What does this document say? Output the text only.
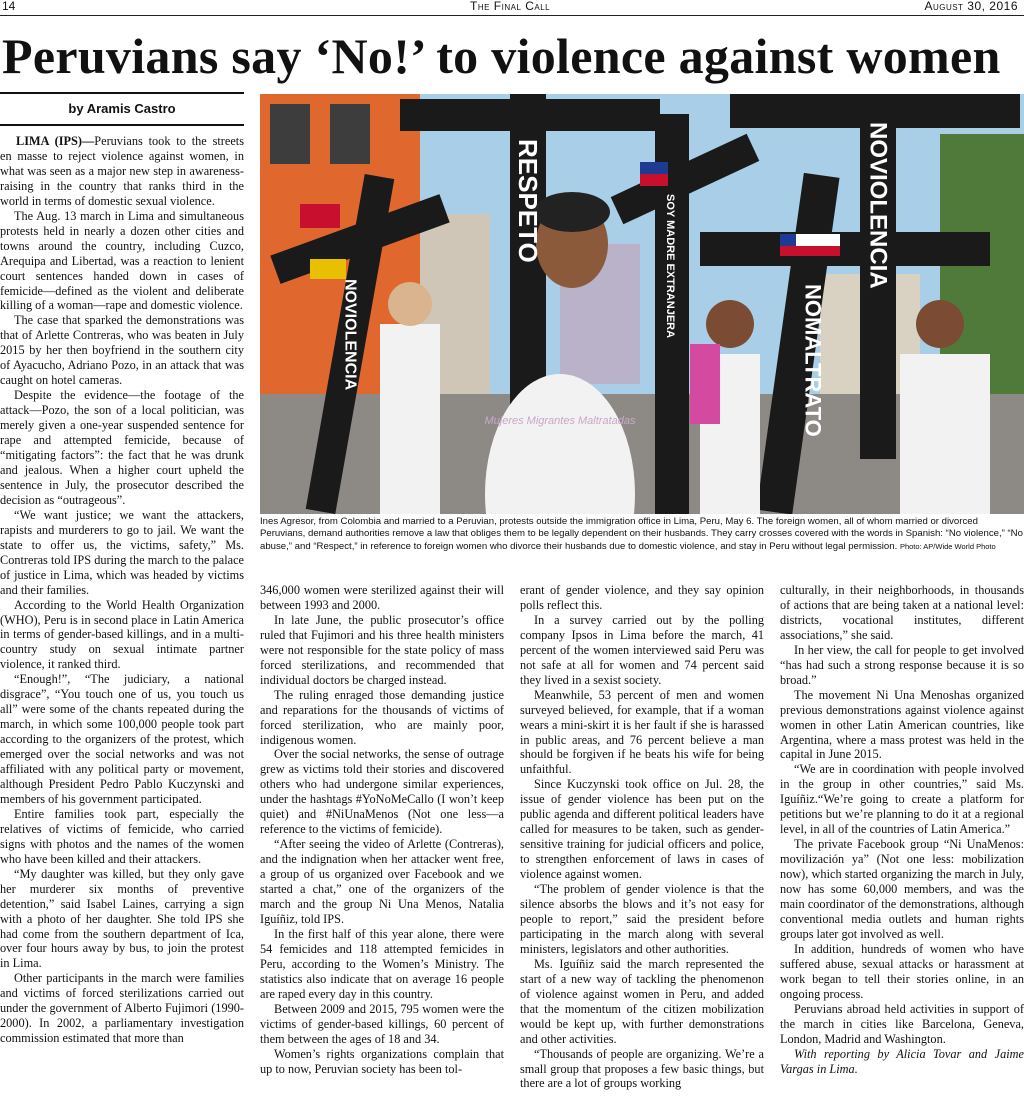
14	The Final Call	August 30, 2016
Peruvians say ‘No!’ to violence against women
by Aramis Castro

LIMA (IPS)—Peruvians took to the streets en masse to reject violence against women, in what was seen as a major new step in awareness-raising in the country that ranks third in the world in terms of domestic sexual violence.

The Aug. 13 march in Lima and simultaneous protests held in nearly a dozen other cities and towns around the country, including Cuzco, Arequipa and Libertad, was a reaction to lenient court sentences handed down in cases of femicide—defined as the violent and deliberate killing of a woman—rape and domestic violence.

The case that sparked the demonstrations was that of Arlette Contreras, who was beaten in July 2015 by her then boyfriend in the southern city of Ayacucho, Adriano Pozo, in an attack that was caught on hotel cameras.

Despite the evidence—the footage of the attack—Pozo, the son of a local politician, was merely given a one-year suspended sentence for rape and attempted femicide, because of “mitigating factors”: the fact that he was drunk and jealous. When a higher court upheld the sentence in July, the prosecutor described the decision as “outrageous”.

“We want justice; we want the attackers, rapists and murderers to go to jail. We want the state to offer us, the victims, safety,” Ms. Contreras told IPS during the march to the palace of justice in Lima, which was headed by victims and their families.

According to the World Health Organization (WHO), Peru is in second place in Latin America in terms of gender-based killings, and in a multi-country study on sexual intimate partner violence, it ranked third.

“Enough!”, “The judiciary, a national disgrace”, “You touch one of us, you touch us all” were some of the chants repeated during the march, in which some 100,000 people took part according to the organizers of the protest, which emerged over the social networks and was not affiliated with any political party or movement, although President Pedro Pablo Kuczynski and members of his government participated.

Entire families took part, especially the relatives of victims of femicide, who carried signs with photos and the names of the women who have been killed and their attackers.

“My daughter was killed, but they only gave her murderer six months of preventive detention,” said Isabel Laines, carrying a sign with a photo of her daughter. She told IPS she had come from the southern department of Ica, over four hours away by bus, to join the protest in Lima.

Other participants in the march were families and victims of forced sterilizations carried out under the government of Alberto Fujimori (1990-2000). In 2002, a parliamentary investigation commission estimated that more than

RESPETO	NOVIOLENCIA
NOMALTRATO
NOVIOLENCIA	SOY MADRE EXTRANJERA
Mujeres Migrantes Maltratadas
Ines Agresor, from Colombia and married to a Peruvian, protests outside the immigration office in Lima, Peru, May 6. The foreign women, all of whom married or divorced Peruvians, demand authorities remove a law that obliges them to be legally dependent on their husbands. They carry crosses covered with the words in Spanish: “No violence,” “No abuse,” and “Respect,” in reference to foreign women who divorce their husbands due to domestic violence, and stay in Peru without legal permission. Photo: AP/Wide World Photo

346,000 women were sterilized against their will between 1993 and 2000.

In late June, the public prosecutor’s office ruled that Fujimori and his three health ministers were not responsible for the state policy of mass forced sterilizations, and recommended that individual doctors be charged instead.

The ruling enraged those demanding justice and reparations for the thousands of victims of forced sterilization, who are mainly poor, indigenous women.

Over the social networks, the sense of outrage grew as victims told their stories and discovered others who had undergone similar experiences, under the hashtags #YoNoMeCallo (I won’t keep quiet) and #NiUnaMenos (Not one less—a reference to the victims of femicide).

“After seeing the video of Arlette (Contreras), and the indignation when her attacker went free, a group of us organized over Facebook and we started a chat,” one of the organizers of the march and the group Ni Una Menos, Natalia Iguíñiz, told IPS.

In the first half of this year alone, there were 54 femicides and 118 attempted femicides in Peru, according to the Women’s Ministry. The statistics also indicate that on average 16 people are raped every day in this country.

Between 2009 and 2015, 795 women were the victims of gender-based killings, 60 percent of them between the ages of 18 and 34.

Women’s rights organizations complain that up to now, Peruvian society has been tol-

erant of gender violence, and they say opinion polls reflect this.

In a survey carried out by the polling company Ipsos in Lima before the march, 41 percent of the women interviewed said Peru was not safe at all for women and 74 percent said they lived in a sexist society.

Meanwhile, 53 percent of men and women surveyed believed, for example, that if a woman wears a mini-skirt it is her fault if she is harassed in public areas, and 76 percent believe a man should be forgiven if he beats his wife for being unfaithful.

Since Kuczynski took office on Jul. 28, the issue of gender violence has been put on the public agenda and different political leaders have called for measures to be taken, such as gender-sensitive training for judicial officers and police, to strengthen enforcement of laws in cases of violence against women.

“The problem of gender violence is that the silence absorbs the blows and it’s not easy for people to report,” said the president before participating in the march along with several ministers, legislators and other authorities.

Ms. Iguíñiz said the march represented the start of a new way of tackling the phenomenon of violence against women in Peru, and added that the momentum of the citizen mobilization would be kept up, with further demonstrations and other activities.

“Thousands of people are organizing. We’re a small group that proposes a few basic things, but there are a lot of groups working

culturally, in their neighborhoods, in thousands of actions that are being taken at a national level: districts, vocational institutes, different associations,” she said.

In her view, the call for people to get involved “has had such a strong response because it is so broad.”

The movement Ni Una Menoshas organized previous demonstrations against violence against women in other Latin American countries, like Argentina, where a mass protest was held in the capital in June 2015.

“We are in coordination with people involved in the group in other countries,” said Ms. Iguíñiz.“We’re going to create a platform for petitions but we’re planning to do it at a regional level, in all of the countries of Latin America.”

The private Facebook group “Ni UnaMenos: movilización ya” (Not one less: mobilization now), which started organizing the march in July, now has some 60,000 members, and was the main coordinator of the demonstrations, although conventional media outlets and human rights groups later got involved as well.

In addition, hundreds of women who have suffered abuse, sexual attacks or harassment at work began to tell their stories online, in an ongoing process.

Peruvians abroad held activities in support of the march in cities like Barcelona, Geneva, London, Madrid and Washington.

With reporting by Alicia Tovar and Jaime Vargas in Lima.
